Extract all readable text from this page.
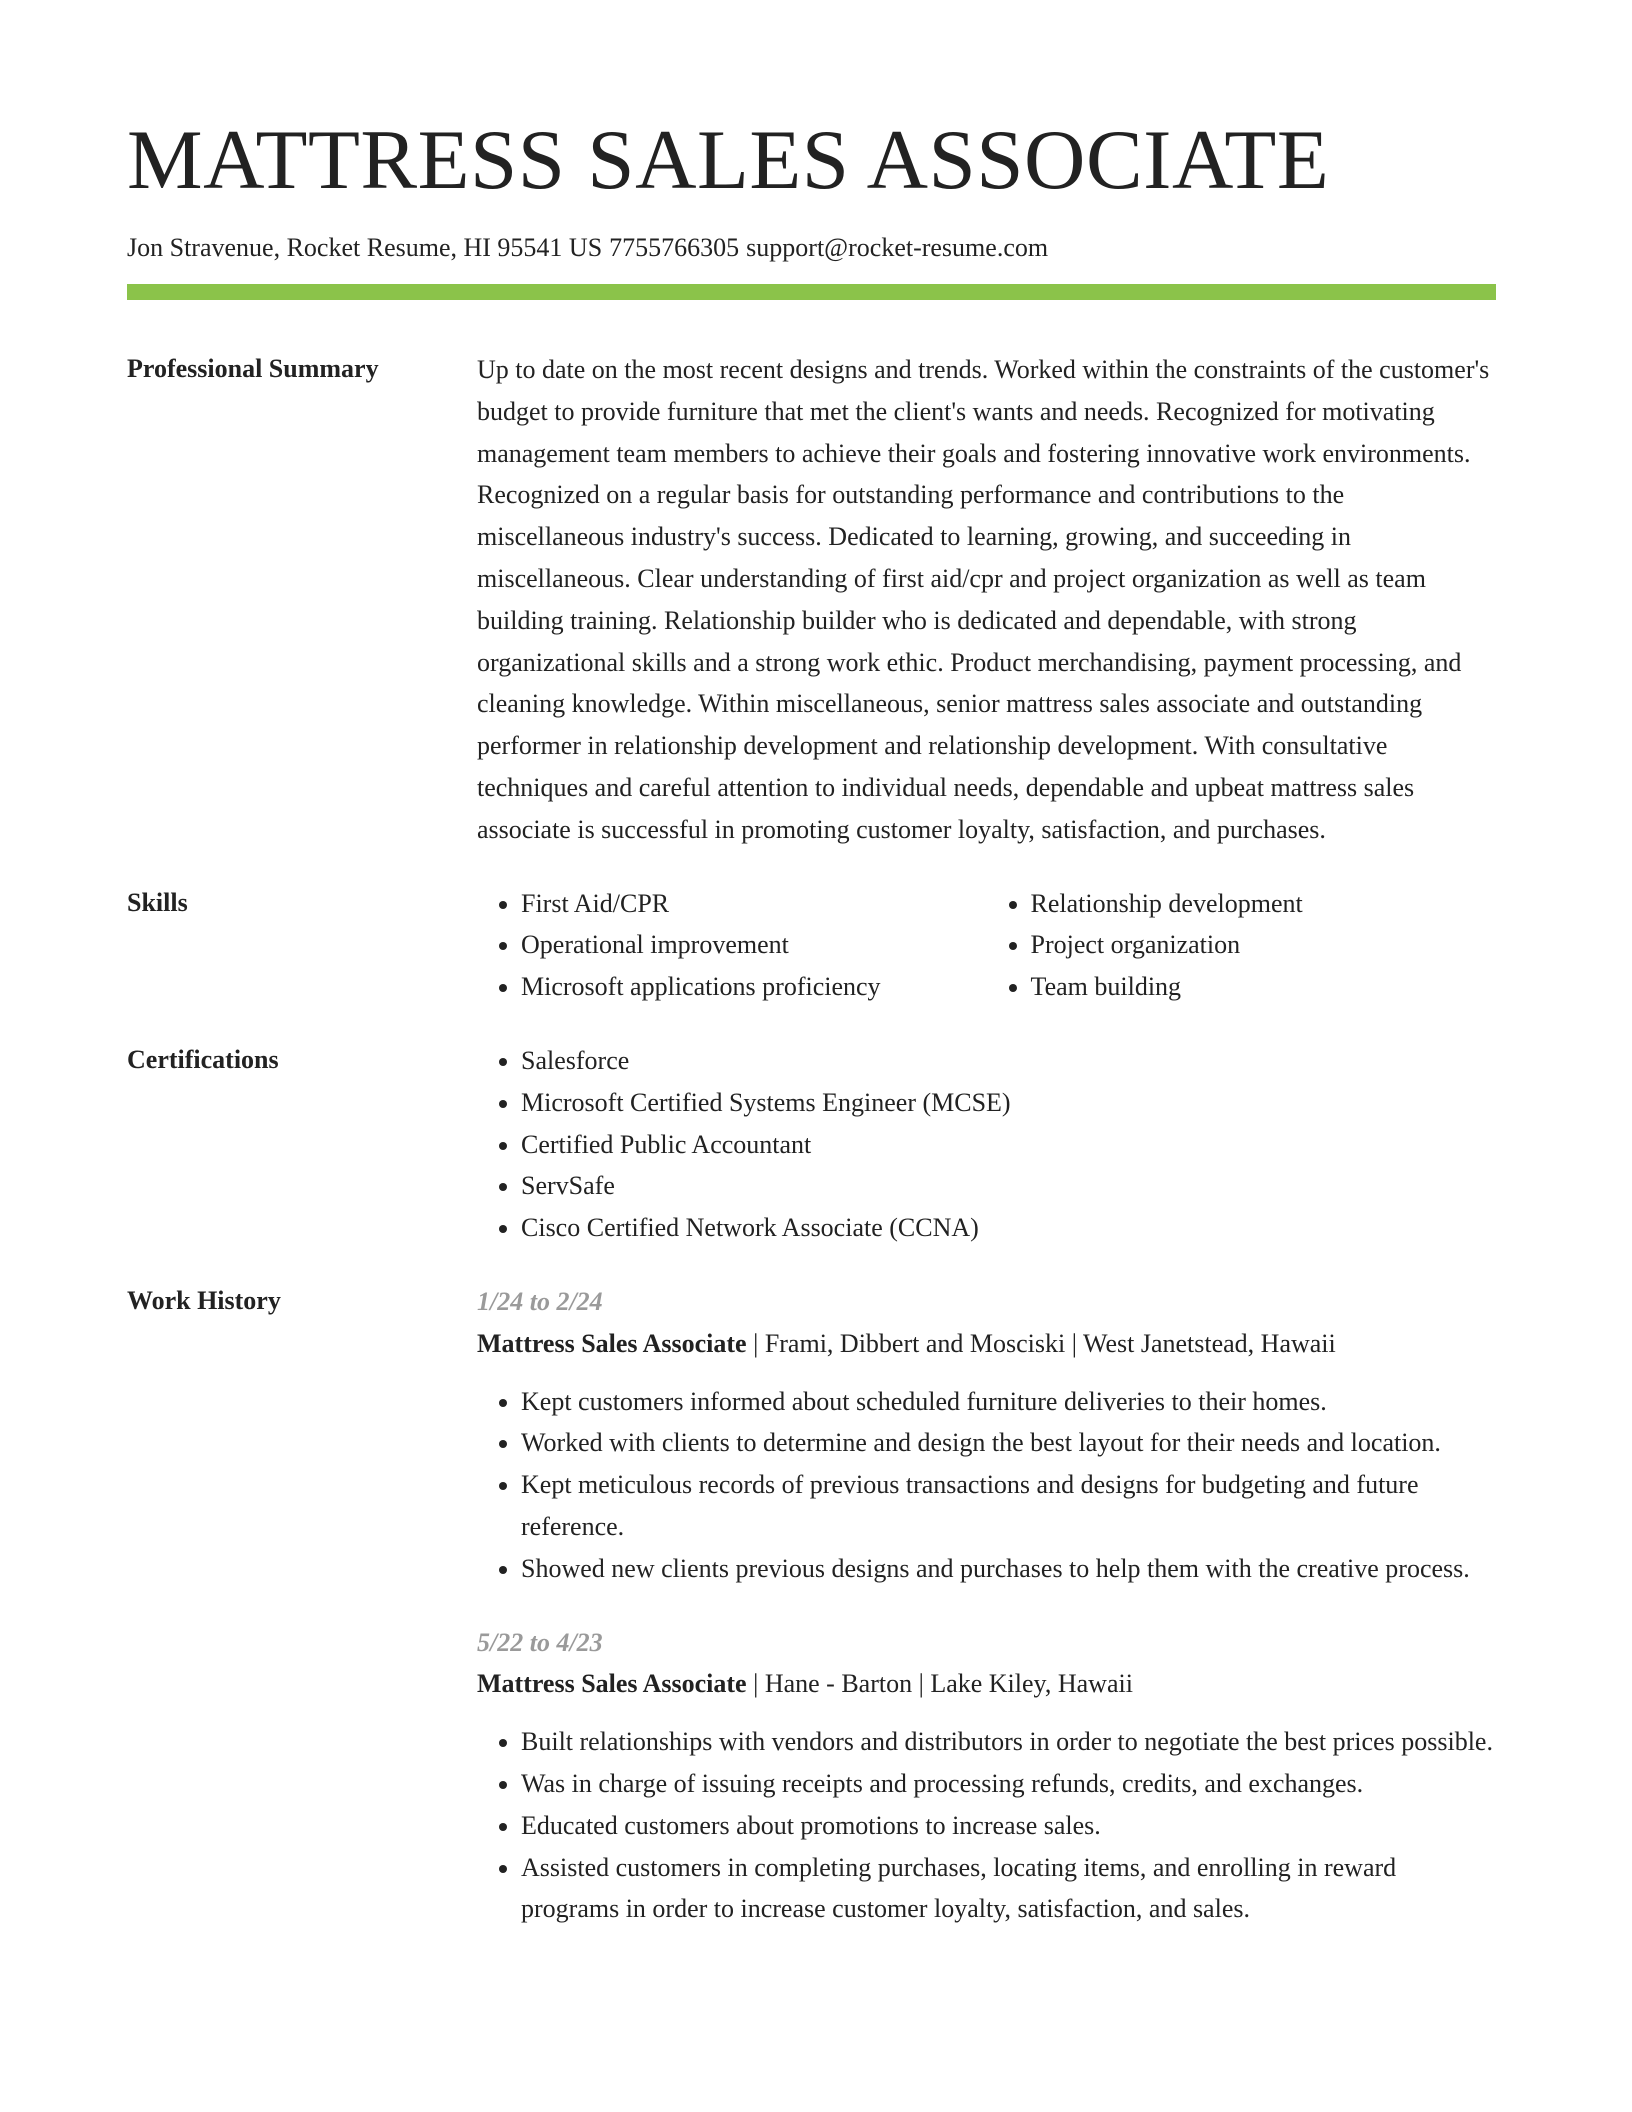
MATTRESS SALES ASSOCIATE
Jon Stravenue, Rocket Resume, HI 95541 US 7755766305 support@rocket-resume.com
Professional Summary	Up to date on the most recent designs and trends. Worked within the constraints of the customer's budget to provide furniture that met the client's wants and needs. Recognized for motivating management team members to achieve their goals and fostering innovative work environments. Recognized on a regular basis for outstanding performance and contributions to the miscellaneous industry's success. Dedicated to learning, growing, and succeeding in miscellaneous. Clear understanding of first aid/cpr and project organization as well as team building training. Relationship builder who is dedicated and dependable, with strong organizational skills and a strong work ethic. Product merchandising, payment processing, and cleaning knowledge. Within miscellaneous, senior mattress sales associate and outstanding performer in relationship development and relationship development. With consultative techniques and careful attention to individual needs, dependable and upbeat mattress sales associate is successful in promoting customer loyalty, satisfaction, and purchases.

Skills	• First Aid/CPR
• Operational improvement
• Microsoft applications proficiency
• Relationship development
• Project organization
• Team building
Certifications	• Salesforce
• Microsoft Certified Systems Engineer (MCSE)
• Certified Public Accountant
• ServSafe
• Cisco Certified Network Associate (CCNA)
Work History	1/24 to 2/24
Mattress Sales Associate | Frami, Dibbert and Mosciski | West Janetstead, Hawaii
• Kept customers informed about scheduled furniture deliveries to their homes.
• Worked with clients to determine and design the best layout for their needs and location.
• Kept meticulous records of previous transactions and designs for budgeting and future reference.
• Showed new clients previous designs and purchases to help them with the creative process.
5/22 to 4/23
Mattress Sales Associate | Hane - Barton | Lake Kiley, Hawaii
• Built relationships with vendors and distributors in order to negotiate the best prices possible.
• Was in charge of issuing receipts and processing refunds, credits, and exchanges.
• Educated customers about promotions to increase sales.
• Assisted customers in completing purchases, locating items, and enrolling in reward programs in order to increase customer loyalty, satisfaction, and sales.
